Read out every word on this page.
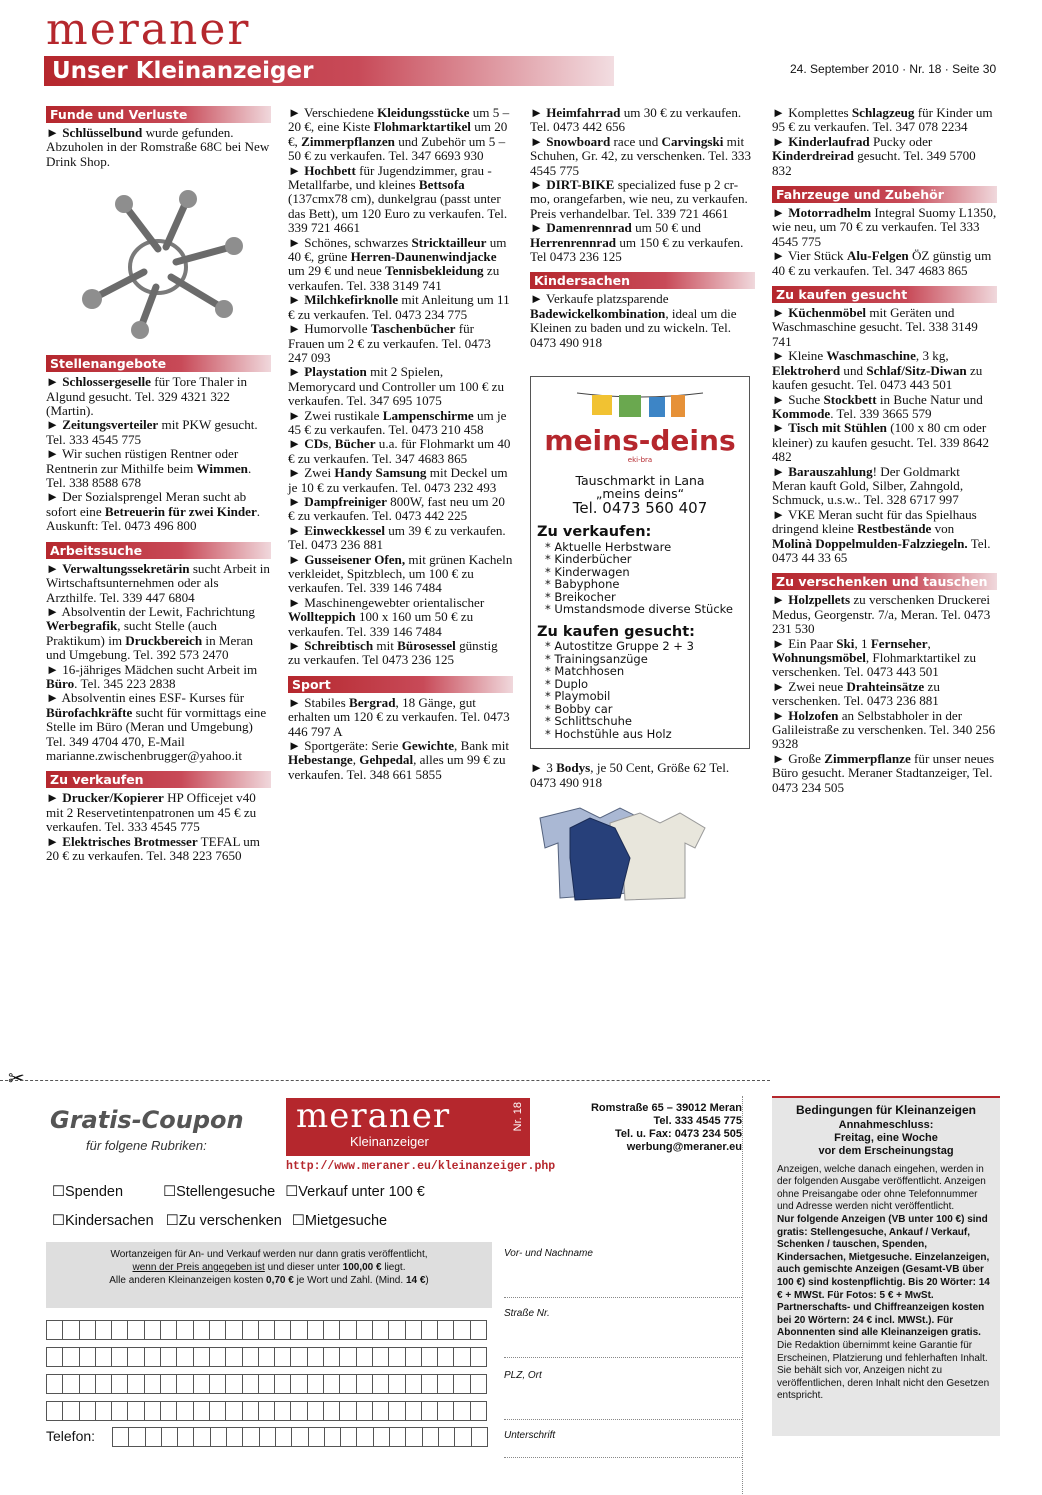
meraner
Unser Kleinanzeiger	24. September 2010 · Nr. 18 · Seite 30
Funde und Verluste
► Schlüsselbund wurde gefunden. Abzuholen in der Romstraße 68C bei New Drink Shop.
Stellenangebote
► Schlossergeselle für Tore Thaler in Algund gesucht. Tel. 329 4321 322 (Martin).
► Zeitungsverteiler mit PKW gesucht. Tel. 333 4545 775
► Wir suchen rüstigen Rentner oder Rentnerin zur Mithilfe beim Wimmen. Tel. 338 8588 678
► Der Sozialsprengel Meran sucht ab sofort eine Betreuerin für zwei Kinder. Auskunft: Tel. 0473 496 800
Arbeitssuche
► Verwaltungssekretärin sucht Arbeit in Wirtschaftsunternehmen oder als Arzthilfe. Tel. 339 447 6804
► Absolventin der Lewit, Fachrichtung Werbegrafik, sucht Stelle (auch Praktikum) im Druckbereich in Meran und Umgebung. Tel. 392 573 2470
► 16-jähriges Mädchen sucht Arbeit im Büro. Tel. 345 223 2838
► Absolventin eines ESF- Kurses für Bürofachkräfte sucht für vormittags eine Stelle im Büro (Meran und Umgebung) Tel. 349 4704 470, E-Mail marianne.zwischenbrugger@yahoo.it
Zu verkaufen
► Drucker/Kopierer HP Officejet v40 mit 2 Reservetintenpatronen um 45 € zu verkaufen. Tel. 333 4545 775
► Elektrisches Brotmesser TEFAL um 20 € zu verkaufen. Tel. 348 223 7650
► Verschiedene Kleidungsstücke um 5 – 20 €, eine Kiste Flohmarktartikel um 20 €, Zimmerpflanzen und Zubehör um 5 – 50 € zu verkaufen. Tel. 347 6693 930
► Hochbett für Jugendzimmer, grau - Metallfarbe, und kleines Bettsofa (137cmx78 cm), dunkelgrau (passt unter das Bett), um 120 Euro zu verkaufen. Tel. 339 721 4661
► Schönes, schwarzes Stricktailleur um 40 €, grüne Herren-Daunenwindjacke um 29 € und neue Tennisbekleidung zu verkaufen. Tel. 338 3149 741
► Milchkefirknolle mit Anleitung um 11 € zu verkaufen. Tel. 0473 234 775
► Humorvolle Taschenbücher für Frauen um 2 € zu verkaufen. Tel. 0473 247 093
► Playstation mit 2 Spielen, Memorycard und Controller um 100 € zu verkaufen. Tel. 347 695 1075
► Zwei rustikale Lampenschirme um je 45 € zu verkaufen. Tel. 0473 210 458
► CDs, Bücher u.a. für Flohmarkt um 40 € zu verkaufen. Tel. 347 4683 865
► Zwei Handy Samsung mit Deckel um je 10 € zu verkaufen. Tel. 0473 232 493
► Dampfreiniger 800W, fast neu um 20 € zu verkaufen. Tel. 0473 442 225
► Einweckkessel um 39 € zu verkaufen. Tel. 0473 236 881
► Gusseisener Ofen, mit grünen Kacheln verkleidet, Spitzblech, um 100 € zu verkaufen. Tel. 339 146 7484
► Maschinengewebter orientalischer Wollteppich 100 x 160 um 50 € zu verkaufen. Tel. 339 146 7484
► Schreibtisch mit Bürosessel günstig zu verkaufen. Tel 0473 236 125
Sport
► Stabiles Bergrad, 18 Gänge, gut erhalten um 120 € zu verkaufen. Tel. 0473 446 797 A
► Sportgeräte: Serie Gewichte, Bank mit Hebestange, Gehpedal, alles um 99 € zu verkaufen. Tel. 348 661 5855
► Heimfahrrad um 30 € zu verkaufen. Tel. 0473 442 656
► Snowboard race und Carvingski mit Schuhen, Gr. 42, zu verschenken. Tel. 333 4545 775
► DIRT-BIKE specialized fuse p 2 cr-mo, orangefarben, wie neu, zu verkaufen. Preis verhandelbar. Tel. 339 721 4661
► Damenrennrad um 50 € und Herrenrennrad um 150 € zu verkaufen. Tel 0473 236 125
Kindersachen
► Verkaufe platzsparende Badewickelkombination, ideal um die Kleinen zu baden und zu wickeln. Tel. 0473 490 918
meins-deins
eki-bra
Tauschmarkt in Lana
„meins deins“
Tel. 0473 560 407
Zu verkaufen:
* Aktuelle Herbstware
* Kinderbücher
* Kinderwagen
* Babyphone
* Breikocher
* Umstandsmode diverse Stücke
Zu kaufen gesucht:
* Autostitze Gruppe 2 + 3
* Trainingsanzüge
* Matchhosen
* Duplo
* Playmobil
* Bobby car
* Schlittschuhe
* Hochstühle aus Holz
► 3 Bodys, je 50 Cent, Größe 62 Tel. 0473 490 918
► Komplettes Schlagzeug für Kinder um 95 € zu verkaufen. Tel. 347 078 2234
► Kinderlaufrad Pucky oder Kinderdreirad gesucht. Tel. 349 5700 832
Fahrzeuge und Zubehör
► Motorradhelm Integral Suomy L1350, wie neu, um 70 € zu verkaufen. Tel 333 4545 775
► Vier Stück Alu-Felgen ÖZ günstig um 40 € zu verkaufen. Tel. 347 4683 865
Zu kaufen gesucht
► Küchenmöbel mit Geräten und Waschmaschine gesucht. Tel. 338 3149 741
► Kleine Waschmaschine, 3 kg, Elektroherd und Schlaf/Sitz-Diwan zu kaufen gesucht. Tel. 0473 443 501
► Suche Stockbett in Buche Natur und Kommode. Tel. 339 3665 579
► Tisch mit Stühlen (100 x 80 cm oder kleiner) zu kaufen gesucht. Tel. 339 8642 482
► Barauszahlung! Der Goldmarkt Meran kauft Gold, Silber, Zahngold, Schmuck, u.s.w.. Tel. 328 6717 997
► VKE Meran sucht für das Spielhaus dringend kleine Restbestände von Molinà Doppelmulden-Falzziegeln. Tel. 0473 44 33 65
Zu verschenken und tauschen
► Holzpellets zu verschenken Druckerei Medus, Georgenstr. 7/a, Meran. Tel. 0473 231 530
► Ein Paar Ski, 1 Fernseher, Wohnungsmöbel, Flohmarktartikel zu verschenken. Tel. 0473 443 501
► Zwei neue Drahteinsätze zu verschenken. Tel. 0473 236 881
► Holzofen an Selbstabholer in der Galileistraße zu verschenken. Tel. 340 256 9328
► Große Zimmerpflanze für unser neues Büro gesucht. Meraner Stadtanzeiger, Tel. 0473 234 505
✂
Gratis-Coupon
für folgene Rubriken:
meraner
Kleinanzeiger
Nr. 18
http://www.meraner.eu/kleinanzeiger.php
Romstraße 65 – 39012 Meran
Tel. 333 4545 775
Tel. u. Fax: 0473 234 505
werbung@meraner.eu
☐ Spenden	☐ Stellengesuche ☐ Verkauf unter 100 €
☐ Kindersachen ☐ Zu verschenken ☐ Mietgesuche
Wortanzeigen für An- und Verkauf werden nur dann gratis veröffentlicht,
wenn der Preis angegeben ist und dieser unter 100,00 € liegt.
Alle anderen Kleinanzeigen kosten 0,70 € je Wort und Zahl. (Mind. 14 €)

Telefon:

Vor- und Nachname
Straße Nr.
PLZ, Ort
Unterschrift
Bedingungen für Kleinanzeigen
Annahmeschluss:
Freitag, eine Woche
vor dem Erscheinungstag

Anzeigen, welche danach eingehen, werden in der folgenden Ausgabe veröffentlicht. Anzeigen ohne Preisangabe oder ohne Telefonnummer und Adresse werden nicht veröffentlicht.

Nur folgende Anzeigen (VB unter 100 €) sind gratis: Stellengesuche, Ankauf / Verkauf, Schenken / tauschen, Spenden, Kindersachen, Mietgesuche. Einzelanzeigen, auch gemischte Anzeigen (Gesamt-VB über 100 €) sind kostenpflichtig. Bis 20 Wörter: 14 € + MWSt. Für Fotos: 5 € + MwSt. Partnerschafts- und Chiffreanzeigen kosten bei 20 Wörtern: 24 € incl. MWSt.). Für Abonnenten sind alle Kleinanzeigen gratis.

Die Redaktion übernimmt keine Garantie für Erscheinen, Platzierung und fehlerhaften Inhalt. Sie behält sich vor, Anzeigen nicht zu veröffentlichen, deren Inhalt nicht den Gesetzen entspricht.
